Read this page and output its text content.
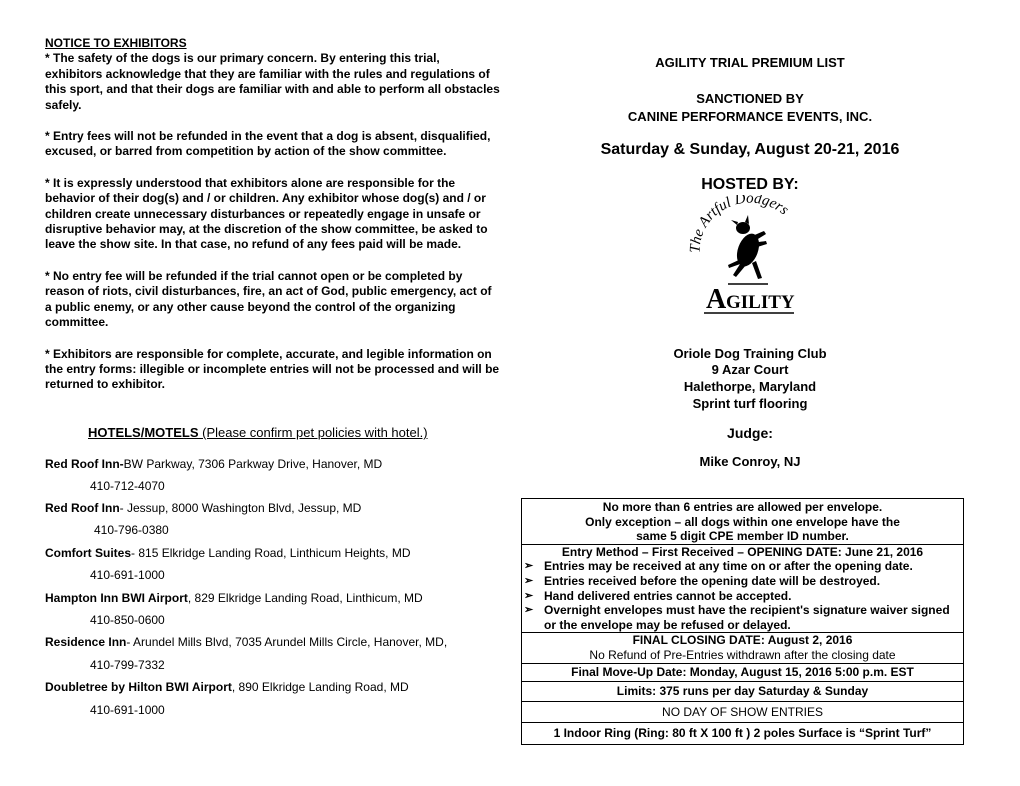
NOTICE TO EXHIBITORS

* The safety of the dogs is our primary concern. By entering this trial, exhibitors acknowledge that they are familiar with the rules and regulations of this sport, and that their dogs are familiar with and able to perform all obstacles safely.

* Entry fees will not be refunded in the event that a dog is absent, disqualified, excused, or barred from competition by action of the show committee.

* It is expressly understood that exhibitors alone are responsible for the behavior of their dog(s) and / or children. Any exhibitor whose dog(s) and / or children create unnecessary disturbances or repeatedly engage in unsafe or disruptive behavior may, at the discretion of the show committee, be asked to leave the show site. In that case, no refund of any fees paid will be made.

* No entry fee will be refunded if the trial cannot open or be completed by reason of riots, civil disturbances, fire, an act of God, public emergency, act of a public enemy, or any other cause beyond the control of the organizing committee.

* Exhibitors are responsible for complete, accurate, and legible information on the entry forms: illegible or incomplete entries will not be processed and will be returned to exhibitor.

HOTELS/MOTELS (Please confirm pet policies with hotel.)
Red Roof Inn-BW Parkway, 7306 Parkway Drive, Hanover, MD
410-712-4070
Red Roof Inn- Jessup, 8000 Washington Blvd, Jessup, MD
410-796-0380
Comfort Suites- 815 Elkridge Landing Road, Linthicum Heights, MD
410-691-1000
Hampton Inn BWI Airport, 829 Elkridge Landing Road, Linthicum, MD
410-850-0600
Residence Inn- Arundel Mills Blvd, 7035 Arundel Mills Circle, Hanover, MD,
410-799-7332
Doubletree by Hilton BWI Airport, 890 Elkridge Landing Road, MD
410-691-1000
AGILITY TRIAL PREMIUM LIST
SANCTIONED BY
CANINE PERFORMANCE EVENTS, INC.
Saturday & Sunday, August 20-21, 2016
HOSTED BY:
The Artful Dodgers
A GILITY
Oriole Dog Training Club
9 Azar Court
Halethorpe, Maryland
Sprint turf flooring
Judge:
Mike Conroy, NJ
No more than 6 entries are allowed per envelope.
Only exception – all dogs within one envelope have the
same 5 digit CPE member ID number.
Entry Method – First Received – OPENING DATE: June 21, 2016
➢ Entries may be received at any time on or after the opening date.
➢ Entries received before the opening date will be destroyed.
➢ Hand delivered entries cannot be accepted.
➢ Overnight envelopes must have the recipient's signature waiver signed or the envelope may be refused or delayed.
FINAL CLOSING DATE: August 2, 2016
No Refund of Pre-Entries withdrawn after the closing date
Final Move-Up Date: Monday, August 15, 2016 5:00 p.m. EST
Limits: 375 runs per day Saturday & Sunday
NO DAY OF SHOW ENTRIES
1 Indoor Ring (Ring: 80 ft X 100 ft ) 2 poles Surface is “Sprint Turf”
